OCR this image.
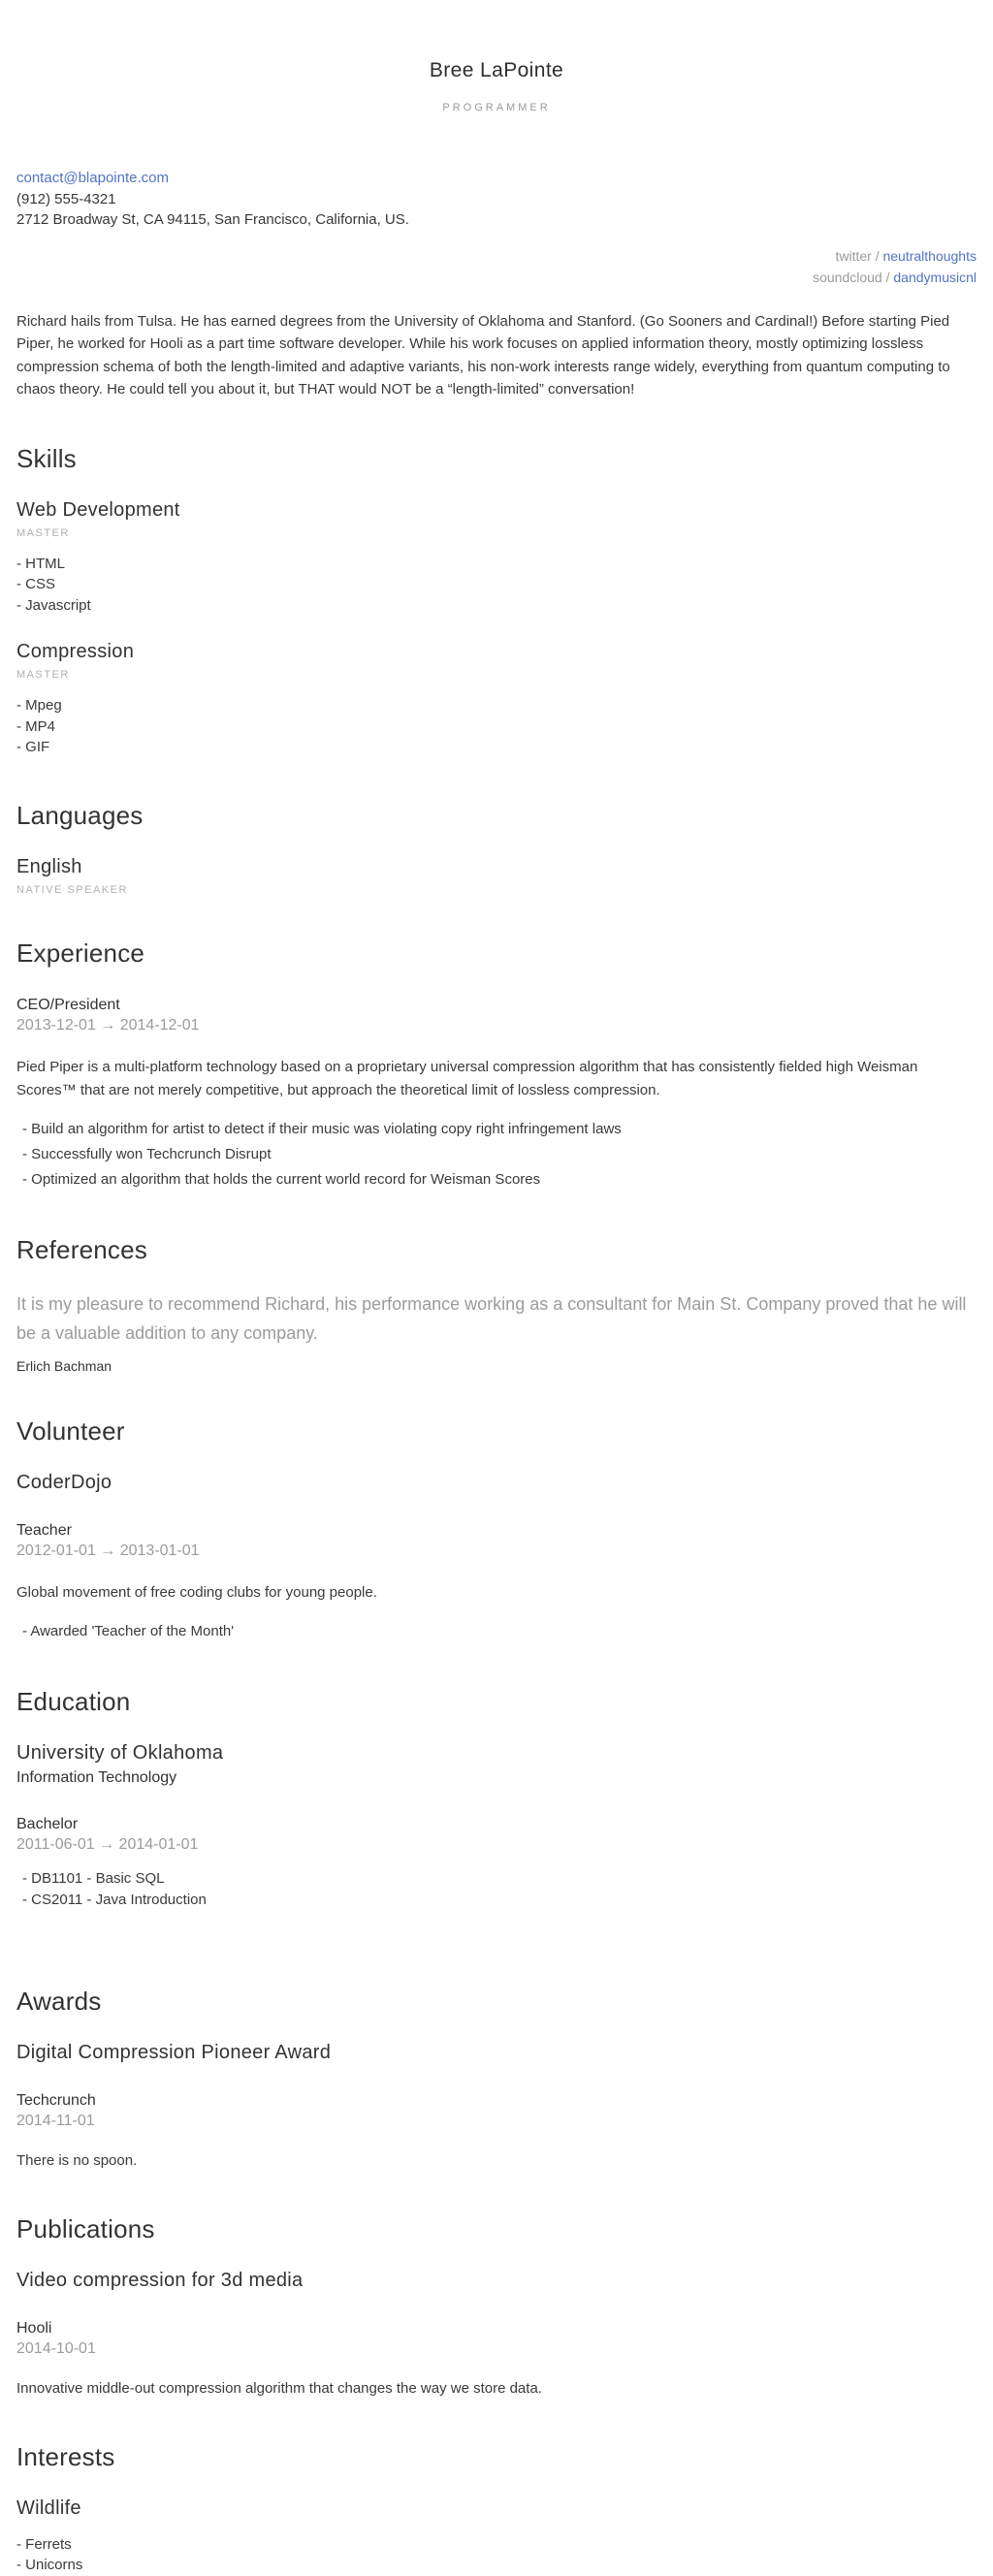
Bree LaPointe
PROGRAMMER
contact@blapointe.com
(912) 555-4321
2712 Broadway St, CA 94115, San Francisco, California, US.
twitter / neutralthoughts
soundcloud / dandymusicnl

Richard hails from Tulsa. He has earned degrees from the University of Oklahoma and Stanford. (Go Sooners and Cardinal!) Before starting Pied Piper, he worked for Hooli as a part time software developer. While his work focuses on applied information theory, mostly optimizing lossless compression schema of both the length-limited and adaptive variants, his non-work interests range widely, everything from quantum computing to chaos theory. He could tell you about it, but THAT would NOT be a “length-limited” conversation!

Skills
Web Development
MASTER
- HTML
- CSS
- Javascript
Compression
MASTER
- Mpeg
- MP4
- GIF
Languages
English
NATIVE SPEAKER
Experience
CEO/President
2013-12-01 → 2014-12-01

Pied Piper is a multi-platform technology based on a proprietary universal compression algorithm that has consistently fielded high Weisman Scores™ that are not merely competitive, but approach the theoretical limit of lossless compression.

- Build an algorithm for artist to detect if their music was violating copy right infringement laws
- Successfully won Techcrunch Disrupt
- Optimized an algorithm that holds the current world record for Weisman Scores
References
It is my pleasure to recommend Richard, his performance working as a consultant for Main St. Company proved that he will be a valuable addition to any company.
Erlich Bachman
Volunteer
CoderDojo
Teacher
2012-01-01 → 2013-01-01

Global movement of free coding clubs for young people.

- Awarded 'Teacher of the Month'
Education
University of Oklahoma
Information Technology
Bachelor
2011-06-01 → 2014-01-01
- DB1101 - Basic SQL
- CS2011 - Java Introduction
Awards
Digital Compression Pioneer Award
Techcrunch
2014-11-01

There is no spoon.

Publications
Video compression for 3d media
Hooli
2014-10-01

Innovative middle-out compression algorithm that changes the way we store data.

Interests
Wildlife
- Ferrets
- Unicorns
